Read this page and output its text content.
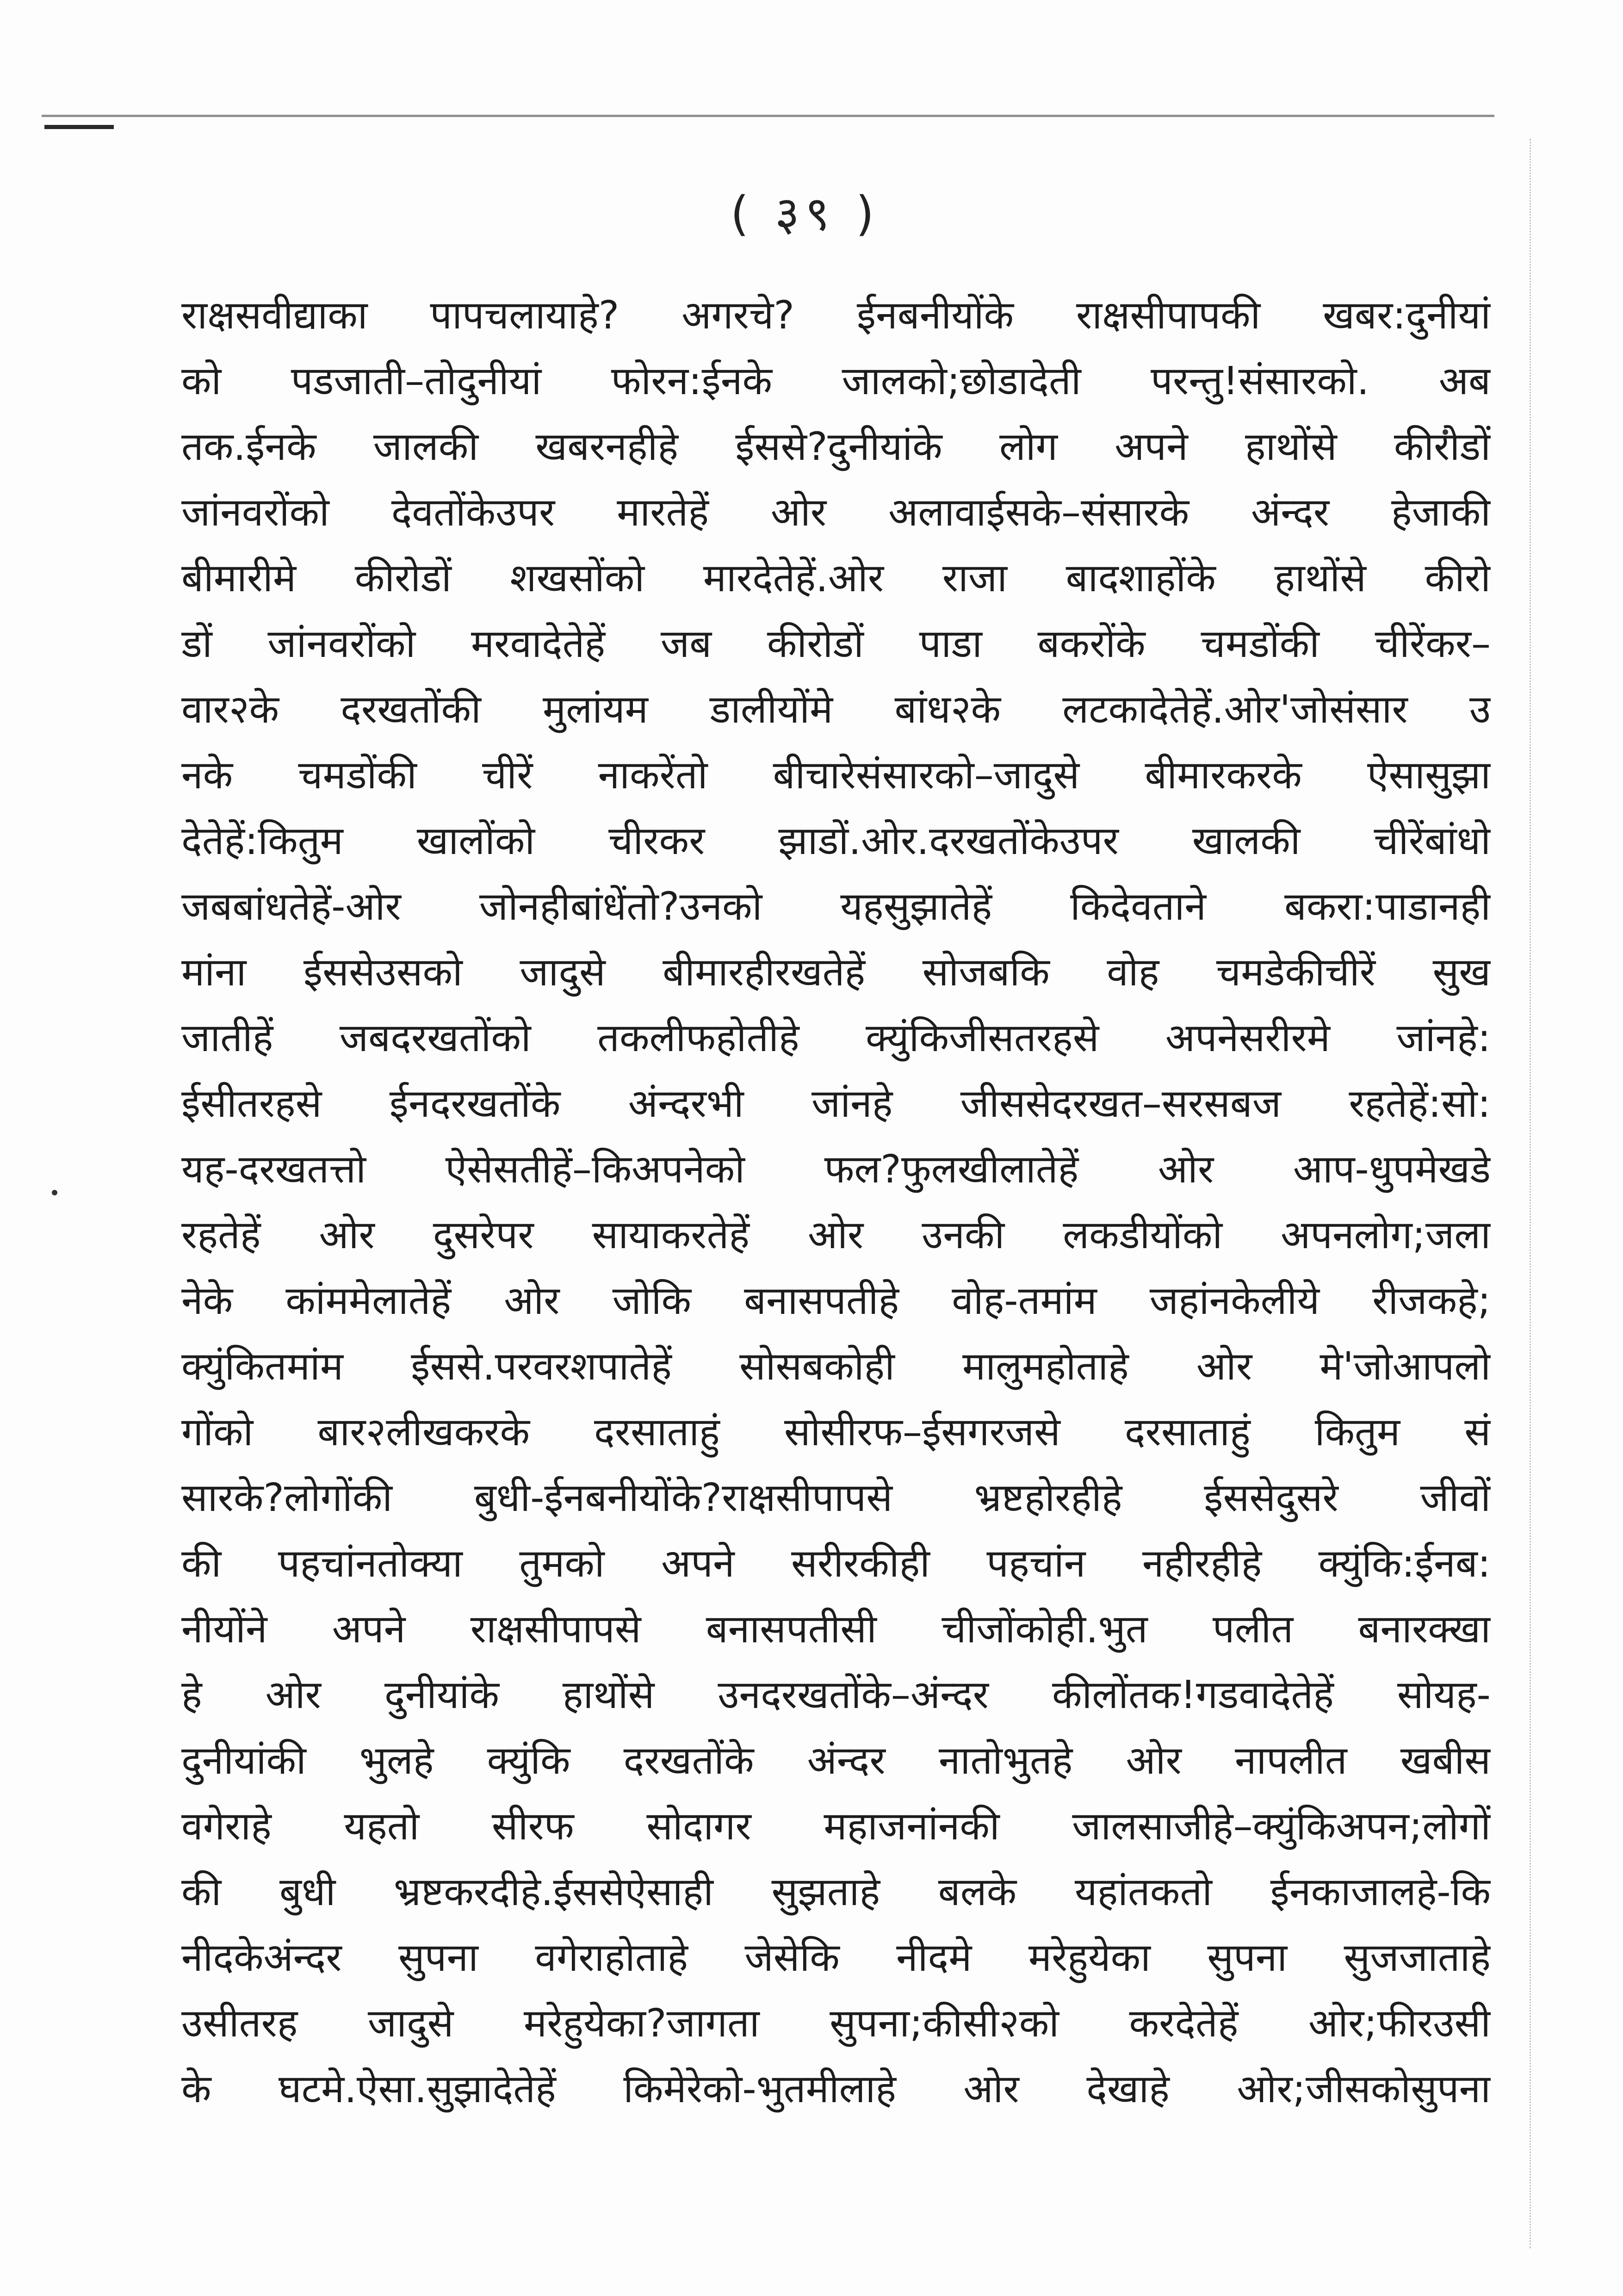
( ३९ )
राक्षसवीद्याका पापचलायाहे? अगरचे? ईनबनीयोंके राक्षसीपापकी खबर:दुनीयां
को पडजाती–तोदुनीयां फोरन:ईनके जालको;छोडादेती परन्तु!संसारको. अब
तक.ईनके जालकी खबरनहीहे ईससे?दुनीयांके लोग अपने हाथोंसे कीरोडों
जांनवरोंको देवतोंकेउपर मारतेहें ओर अलावाईसके–संसारके अंन्दर हेजाकी
बीमारीमे कीरोडों शखसोंको मारदेतेहें.ओर राजा बादशाहोंके हाथोंसे कीरो
डों जांनवरोंको मरवादेतेहें जब कीरोडों पाडा बकरोंके चमडोंकी चीरेंकर–
वार२के दरखतोंकी मुलांयम डालीयोंमे बांध२के लटकादेतेहें.ओर'जोसंसार उ
नके चमडोंकी चीरें नाकरेंतो बीचारेसंसारको–जादुसे बीमारकरके ऐसासुझा
देतेहें:कितुम खालोंको चीरकर झाडों.ओर.दरखतोंकेउपर खालकी चीरेंबांधो
जबबांधतेहें-ओर जोनहीबांधेंतो?उनको यहसुझातेहें किदेवताने बकरा:पाडानही
मांना ईससेउसको जादुसे बीमारहीरखतेहें सोजबकि वोह चमडेकीचीरें सुख
जातीहें जबदरखतोंको तकलीफहोतीहे क्युंकिजीसतरहसे अपनेसरीरमे जांनहे:
ईसीतरहसे ईनदरखतोंके अंन्दरभी जांनहे जीससेदरखत–सरसबज रहतेहें:सो:
यह-दरखतत्तो ऐसेसतीहें–किअपनेको फल?फुलखीलातेहें ओर आप-धुपमेखडे
रहतेहें ओर दुसरेपर सायाकरतेहें ओर उनकी लकडीयोंको अपनलोग;जला
नेके कांममेलातेहें ओर जोकि बनासपतीहे वोह-तमांम जहांनकेलीये रीजकहे;
क्युंकितमांम ईससे.परवरशपातेहें सोसबकोही मालुमहोताहे ओर मे'जोआपलो
गोंको बार२लीखकरके दरसाताहुं सोसीरफ–ईसगरजसे दरसाताहुं कितुम सं
सारके?लोगोंकी बुधी-ईनबनीयोंके?राक्षसीपापसे भ्रष्टहोरहीहे ईससेदुसरे जीवों
की पहचांनतोक्या तुमको अपने सरीरकीही पहचांन नहीरहीहे क्युंकि:ईनब:
नीयोंने अपने राक्षसीपापसे बनासपतीसी चीजोंकोही.भुत पलीत बनारक्खा
हे ओर दुनीयांके हाथोंसे उनदरखतोंके–अंन्दर कीलोंतक!गडवादेतेहें सोयह-
दुनीयांकी भुलहे क्युंकि दरखतोंके अंन्दर नातोभुतहे ओर नापलीत खबीस
वगेराहे यहतो सीरफ सोदागर महाजनांनकी जालसाजीहे–क्युंकिअपन;लोगों
की बुधी भ्रष्टकरदीहे.ईससेऐसाही सुझताहे बलके यहांतकतो ईनकाजालहे-कि
नीदकेअंन्दर सुपना वगेराहोताहे जेसेकि नीदमे मरेहुयेका सुपना सुजजाताहे
उसीतरह जादुसे मरेहुयेका?जागता सुपना;कीसी२को करदेतेहें ओर;फीरउसी
के घटमे.ऐसा.सुझादेतेहें किमेरेको-भुतमीलाहे ओर देखाहे ओर;जीसकोसुपना
